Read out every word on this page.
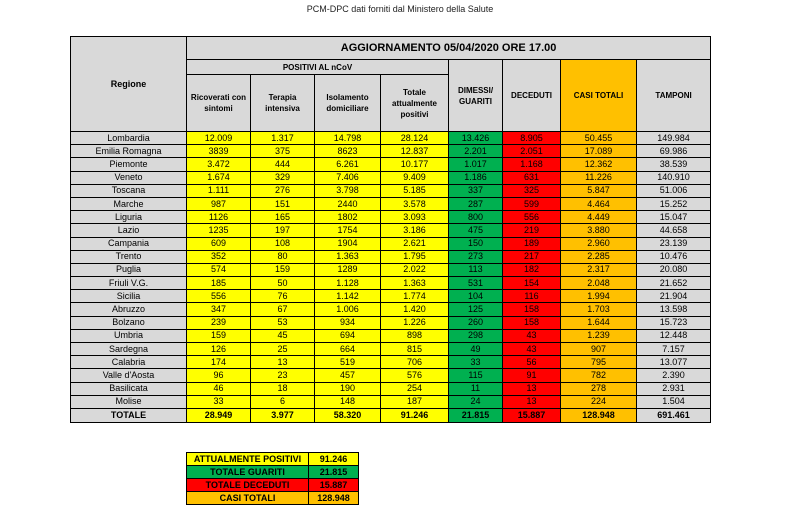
PCM-DPC dati forniti dal Ministero della Salute
Regione	AGGIORNAMENTO 05/04/2020 ORE 17.00							
	POSITIVI AL nCoV				DIMESSI/ GUARITI	DECEDUTI	CASI TOTALI	TAMPONI
	Ricoverati con sintomi	Terapia intensiva	Isolamento domiciliare	Totale attualmente positivi				
Lombardia	12.009	1.317	14.798	28.124	13.426	8.905	50.455	149.984
Emilia Romagna	3839	375	8623	12.837	2.201	2.051	17.089	69.986
Piemonte	3.472	444	6.261	10.177	1.017	1.168	12.362	38.539
Veneto	1.674	329	7.406	9.409	1.186	631	11.226	140.910
Toscana	1.111	276	3.798	5.185	337	325	5.847	51.006
Marche	987	151	2440	3.578	287	599	4.464	15.252
Liguria	1126	165	1802	3.093	800	556	4.449	15.047
Lazio	1235	197	1754	3.186	475	219	3.880	44.658
Campania	609	108	1904	2.621	150	189	2.960	23.139
Trento	352	80	1.363	1.795	273	217	2.285	10.476
Puglia	574	159	1289	2.022	113	182	2.317	20.080
Friuli V.G.	185	50	1.128	1.363	531	154	2.048	21.652
Sicilia	556	76	1.142	1.774	104	116	1.994	21.904
Abruzzo	347	67	1.006	1.420	125	158	1.703	13.598
Bolzano	239	53	934	1.226	260	158	1.644	15.723
Umbria	159	45	694	898	298	43	1.239	12.448
Sardegna	126	25	664	815	49	43	907	7.157
Calabria	174	13	519	706	33	56	795	13.077
Valle d'Aosta	96	23	457	576	115	91	782	2.390
Basilicata	46	18	190	254	11	13	278	2.931
Molise	33	6	148	187	24	13	224	1.504
TOTALE	28.949	3.977	58.320	91.246	21.815	15.887	128.948	691.461
ATTUALMENTE POSITIVI	91.246
TOTALE GUARITI	21.815
TOTALE DECEDUTI	15.887
CASI TOTALI	128.948
